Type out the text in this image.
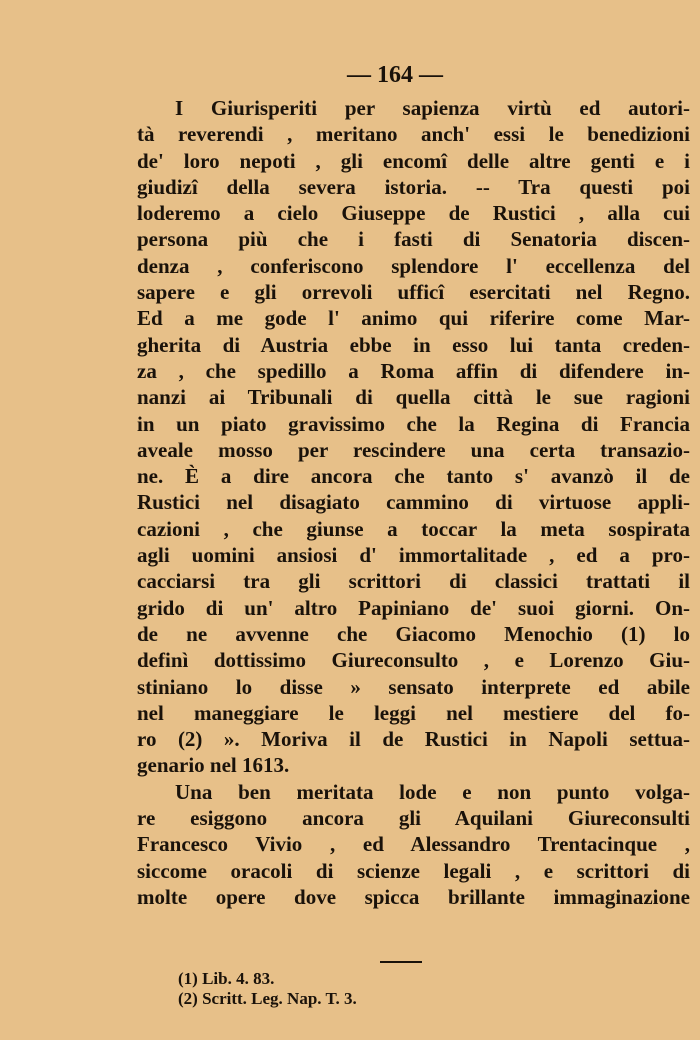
— 164 —
I Giurisperiti per sapienza virtù ed autori-
tà reverendi , meritano anch' essi le benedizioni
de' loro nepoti , gli encomî delle altre genti e i
giudizî della severa istoria. -- Tra questi poi
loderemo a cielo Giuseppe de Rustici , alla cui
persona più che i fasti di Senatoria discen-
denza , conferiscono splendore l' eccellenza del
sapere e gli orrevoli ufficî esercitati nel Regno.
Ed a me gode l' animo qui riferire come Mar-
gherita di Austria ebbe in esso lui tanta creden-
za , che spedillo a Roma affin di difendere in-
nanzi ai Tribunali di quella città le sue ragioni
in un piato gravissimo che la Regina di Francia
aveale mosso per rescindere una certa transazio-
ne. È a dire ancora che tanto s' avanzò il de
Rustici nel disagiato cammino di virtuose appli-
cazioni , che giunse a toccar la meta sospirata
agli uomini ansiosi d' immortalitade , ed a pro-
cacciarsi tra gli scrittori di classici trattati il
grido di un' altro Papiniano de' suoi giorni. On-
de ne avvenne che Giacomo Menochio (1) lo
definì dottissimo Giureconsulto , e Lorenzo Giu-
stiniano lo disse » sensato interprete ed abile
nel maneggiare le leggi nel mestiere del fo-
ro (2) ». Moriva il de Rustici in Napoli settua-
genario nel 1613.
Una ben meritata lode e non punto volga-
re esiggono ancora gli Aquilani Giureconsulti
Francesco Vivio , ed Alessandro Trentacinque ,
siccome oracoli di scienze legali , e scrittori di
molte opere dove spicca brillante immaginazione
(1) Lib. 4. 83.
(2) Scritt. Leg. Nap. T. 3.
